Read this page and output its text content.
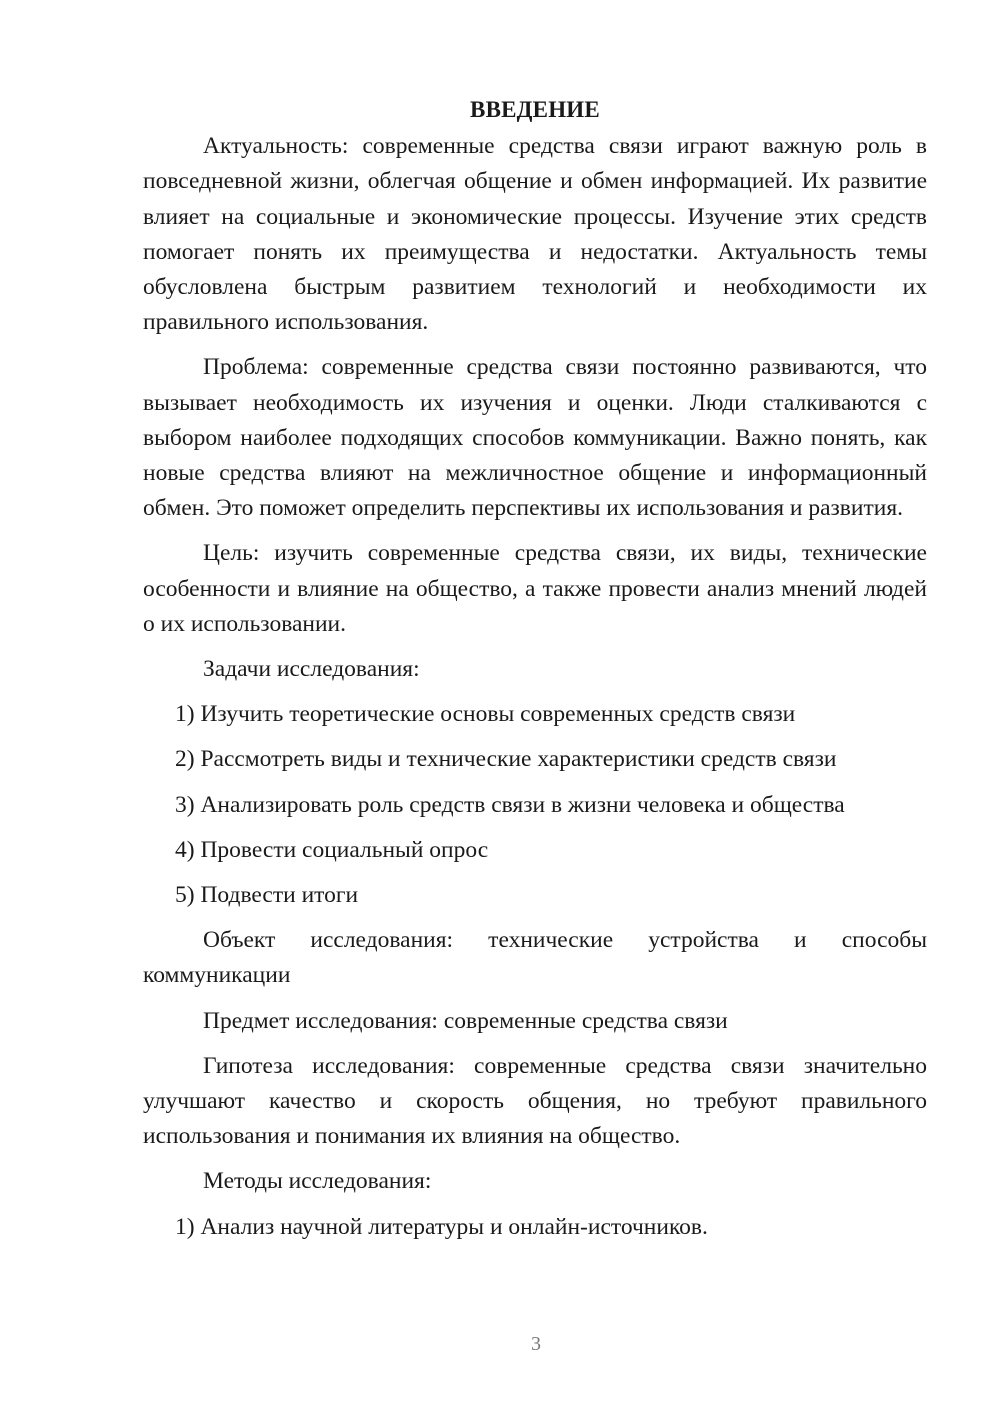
ВВЕДЕНИЕ

Актуальность: современные средства связи играют важную роль в повседневной жизни, облегчая общение и обмен информацией. Их развитие влияет на социальные и экономические процессы. Изучение этих средств помогает понять их преимущества и недостатки. Актуальность темы обусловлена быстрым развитием технологий и необходимости их правильного использования.

Проблема: современные средства связи постоянно развиваются, что вызывает необходимость их изучения и оценки. Люди сталкиваются с выбором наиболее подходящих способов коммуникации. Важно понять, как новые средства влияют на межличностное общение и информационный обмен. Это поможет определить перспективы их использования и развития.

Цель: изучить современные средства связи, их виды, технические особенности и влияние на общество, а также провести анализ мнений людей о их использовании.

Задачи исследования:

1) Изучить теоретические основы современных средств связи

2) Рассмотреть виды и технические характеристики средств связи

3) Анализировать роль средств связи в жизни человека и общества

4) Провести социальный опрос

5) Подвести итоги

Объект исследования: технические устройства и способы коммуникации

Предмет исследования: современные средства связи

Гипотеза исследования: современные средства связи значительно улучшают качество и скорость общения, но требуют правильного использования и понимания их влияния на общество.

Методы исследования:

1) Анализ научной литературы и онлайн-источников.

3
